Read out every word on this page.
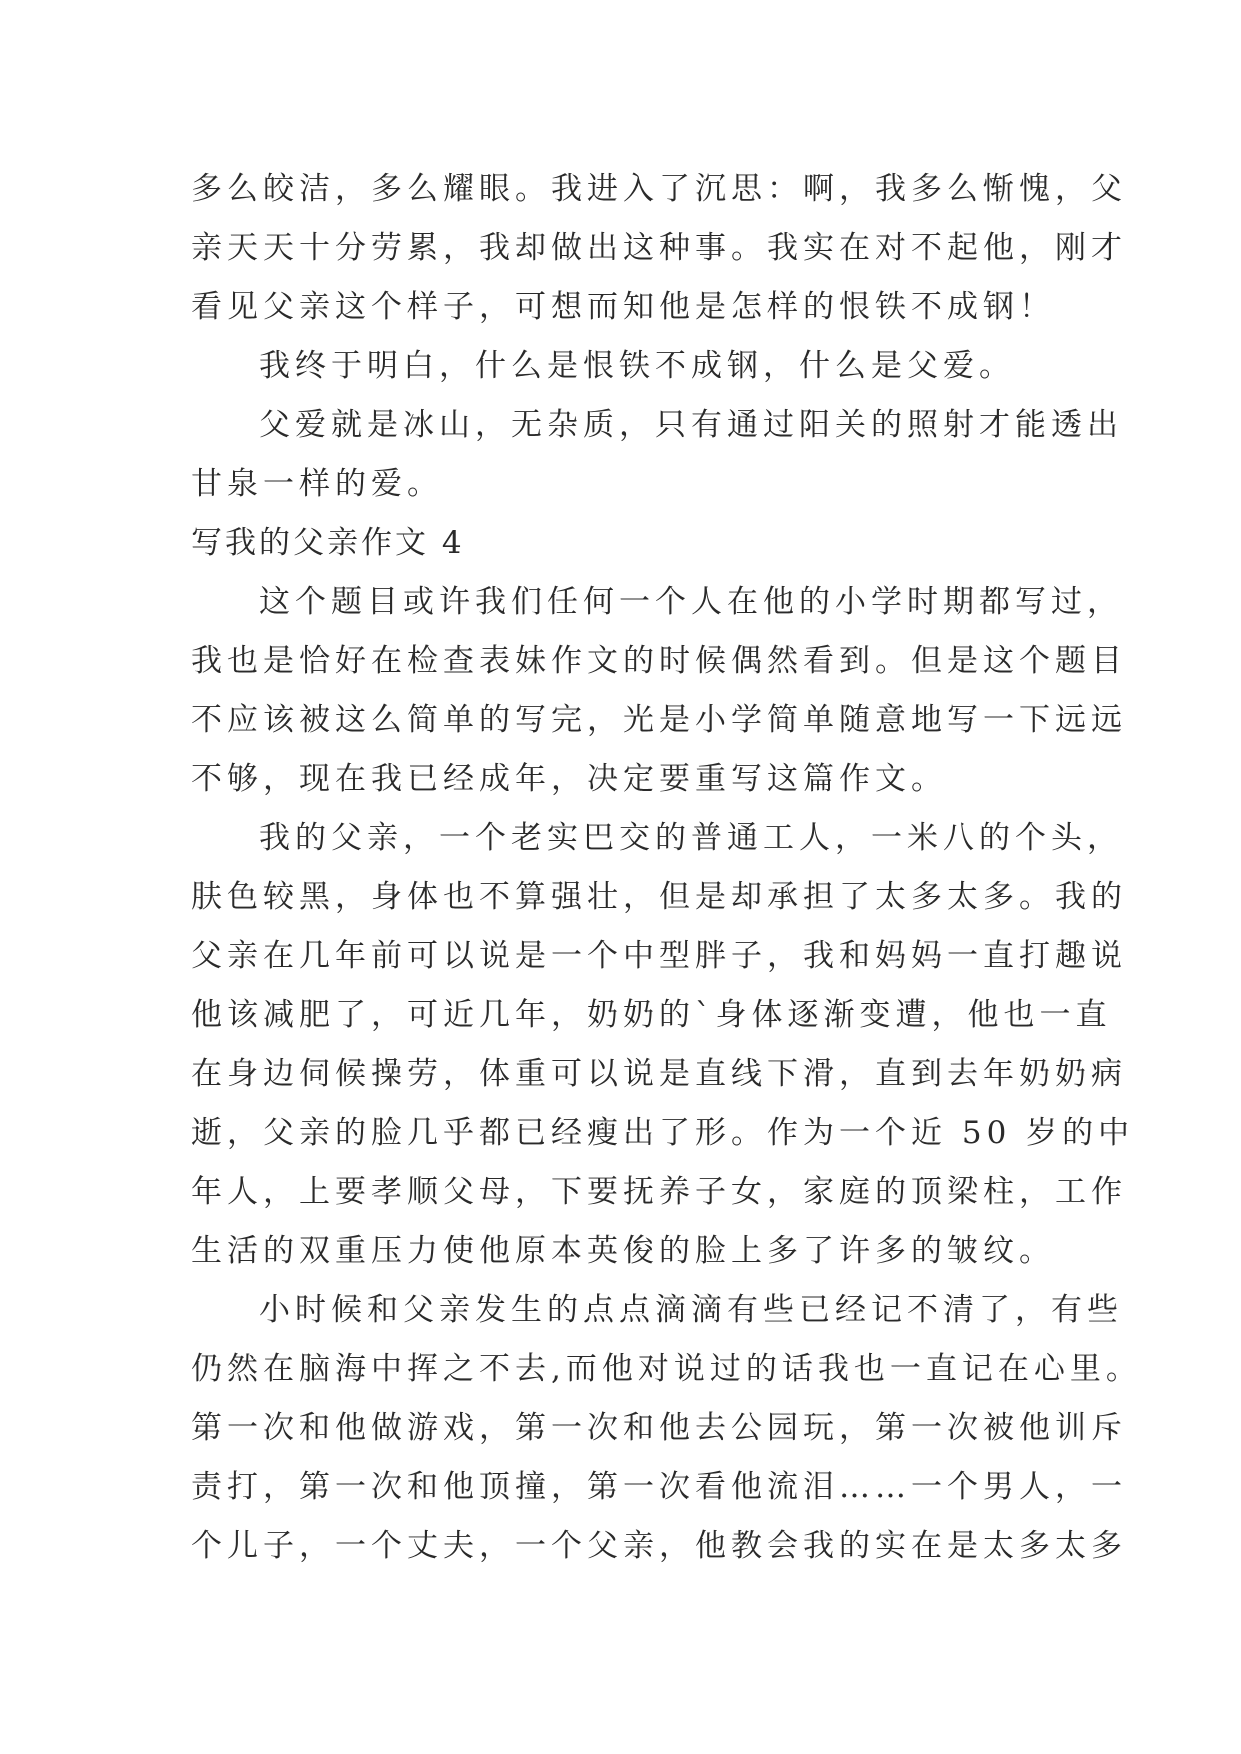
多么皎洁，多么耀眼。我进入了沉思：啊，我多么惭愧，父
亲天天十分劳累，我却做出这种事。我实在对不起他，刚才
看见父亲这个样子，可想而知他是怎样的恨铁不成钢！
我终于明白，什么是恨铁不成钢，什么是父爱。
父爱就是冰山，无杂质，只有通过阳关的照射才能透出
甘泉一样的爱。
写我的父亲作文 4
这个题目或许我们任何一个人在他的小学时期都写过，
我也是恰好在检查表妹作文的时候偶然看到。但是这个题目
不应该被这么简单的写完，光是小学简单随意地写一下远远
不够，现在我已经成年，决定要重写这篇作文。
我的父亲，一个老实巴交的普通工人，一米八的个头，
肤色较黑，身体也不算强壮，但是却承担了太多太多。我的
父亲在几年前可以说是一个中型胖子，我和妈妈一直打趣说
他该减肥了，可近几年，奶奶的`身体逐渐变遭，他也一直
在身边伺候操劳，体重可以说是直线下滑，直到去年奶奶病
逝，父亲的脸几乎都已经瘦出了形。作为一个近 50 岁的中
年人，上要孝顺父母，下要抚养子女，家庭的顶梁柱，工作
生活的双重压力使他原本英俊的脸上多了许多的皱纹。
小时候和父亲发生的点点滴滴有些已经记不清了，有些
仍然在脑海中挥之不去,而他对说过的话我也一直记在心里。
第一次和他做游戏，第一次和他去公园玩，第一次被他训斥
责打，第一次和他顶撞，第一次看他流泪……一个男人，一
个儿子，一个丈夫，一个父亲，他教会我的实在是太多太多
